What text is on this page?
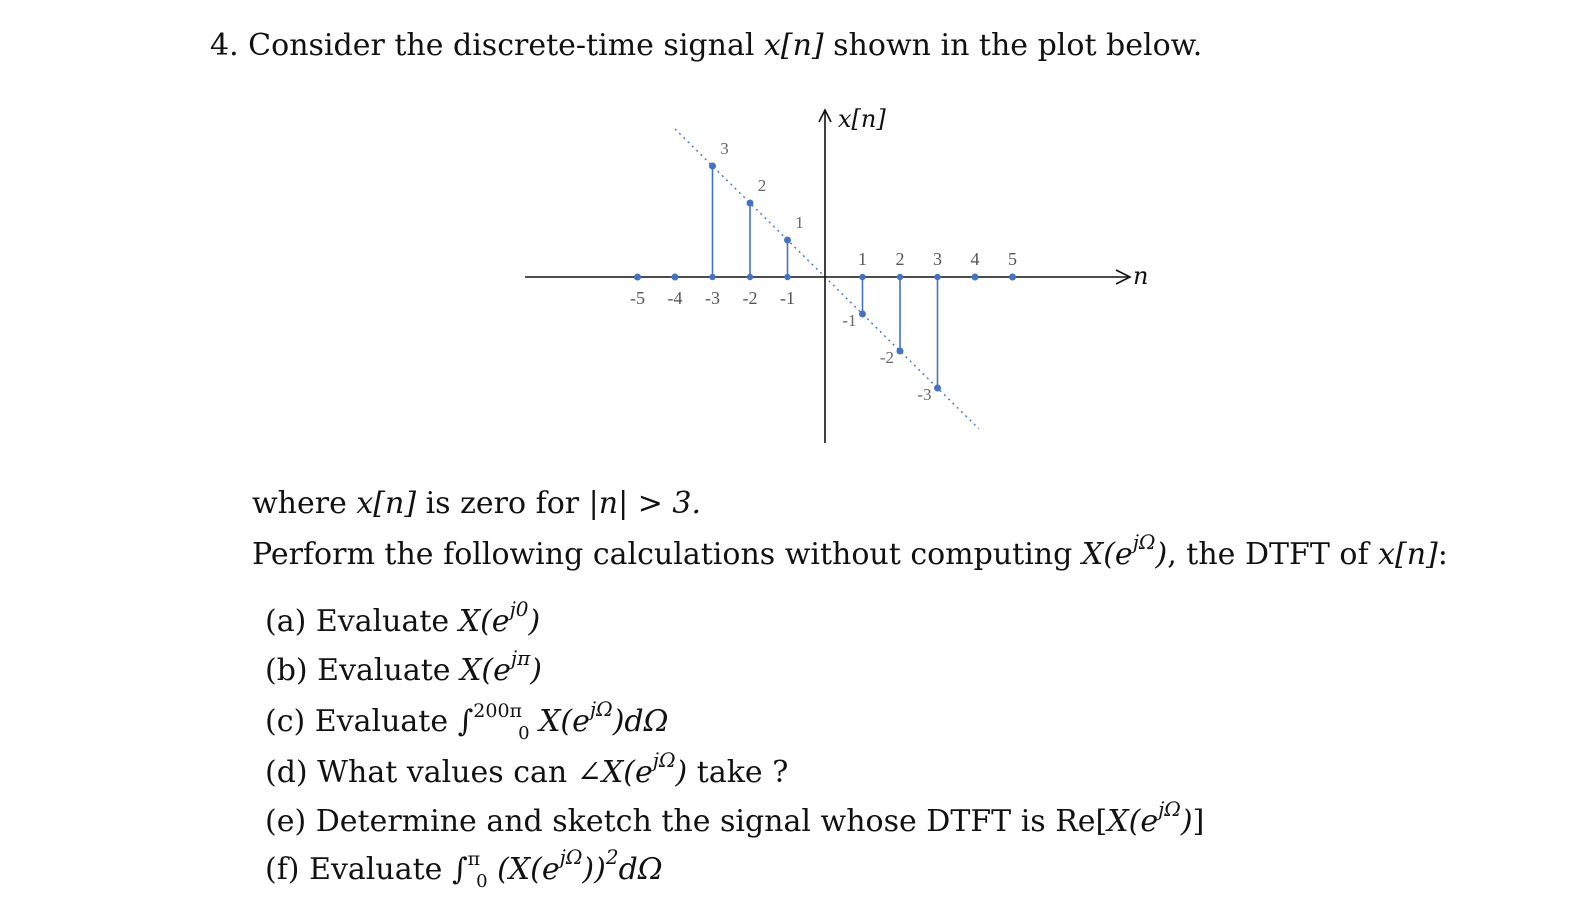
4. Consider the discrete-time signal x[n] shown in the plot below.
n
x[n]
-5 -4 -3 -2 -1
1 2 3 4 5
3
2
1
-1
-2
-3
where x[n] is zero for |n| > 3.
Perform the following calculations without computing $X(e^{j\Omega})$, the DTFT of x[n]:
(a) Evaluate $X(e^{j0})$
(b) Evaluate $X(e^{j\pi})$
(c) Evaluate ∫$^{200\pi}_0$ $X(e^{j\Omega})d\Omega$
(d) What values can $\angle X(e^{j\Omega})$ take ?
(e) Determine and sketch the signal whose DTFT is $Re[X(e^{j\Omega})]$
(f) Evaluate ∫$^\pi_0$ $(X(e^{j\Omega}))^2d\Omega$
